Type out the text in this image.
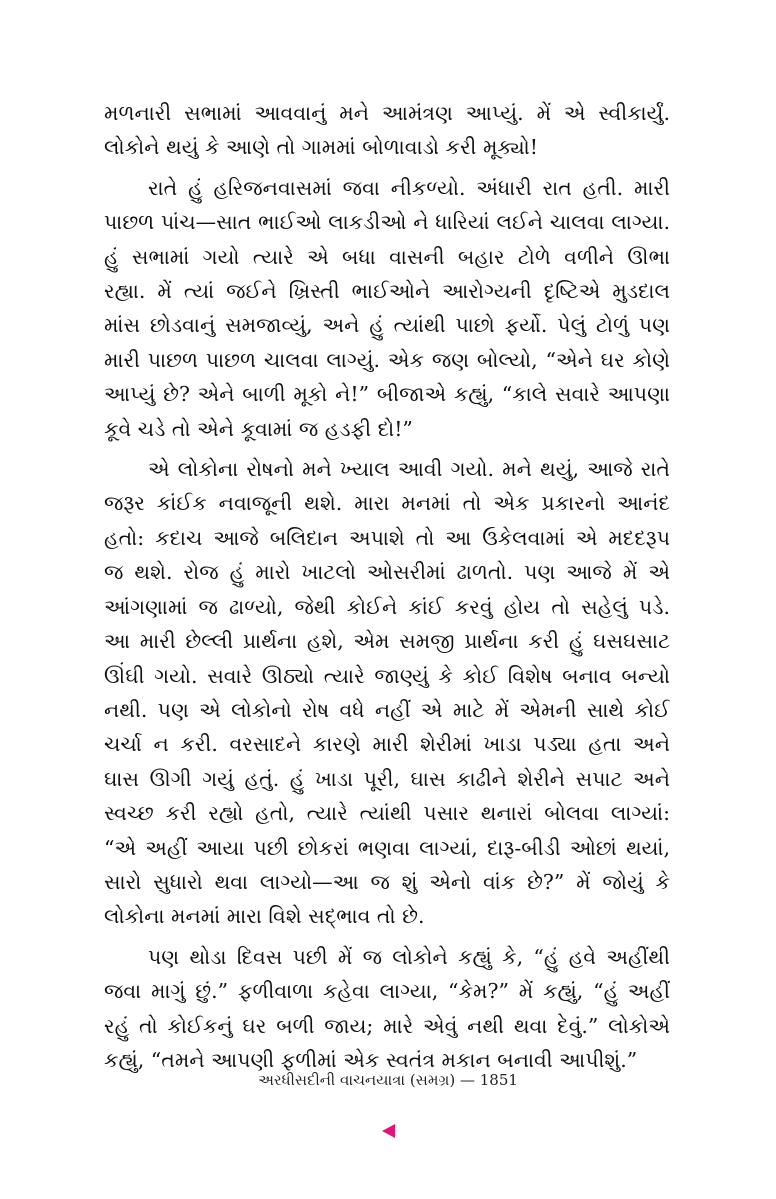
મળનારી સભામાં આવવાનું મને આમંત્રણ આપ્યું. મેં એ સ્વીકાર્યું.
લોકોને થયું કે આણે તો ગામમાં બોળાવાડો કરી મૂક્યો!
રાતે હું હરિજનવાસમાં જવા નીકળ્યો. અંધારી રાત હતી. મારી
પાછળ પાંચ—સાત ભાઈઓ લાકડીઓ ને ધારિયાં લઈને ચાલવા લાગ્યા.
હું સભામાં ગયો ત્યારે એ બધા વાસની બહાર ટોળે વળીને ઊભા
રહ્યા. મેં ત્યાં જઈને ખ્રિસ્તી ભાઈઓને આરોગ્યની દૃષ્ટિએ મુડદાલ
માંસ છોડવાનું સમજાવ્યું, અને હું ત્યાંથી પાછો ફર્યો. પેલું ટોળું પણ
મારી પાછળ પાછળ ચાલવા લાગ્યું. એક જણ બોલ્યો, “એને ઘર કોણે
આપ્યું છે? એને બાળી મૂકો ને!” બીજાએ કહ્યું, “કાલે સવારે આપણા
કૂવે ચડે તો એને કૂવામાં જ હડફી દો!”
એ લોકોના રોષનો મને ખ્યાલ આવી ગયો. મને થયું, આજે રાતે
જરૂર કાંઈક નવાજૂની થશે. મારા મનમાં તો એક પ્રકારનો આનંદ
હતો: કદાચ આજે બલિદાન અપાશે તો આ ઉકેલવામાં એ મદદરૂપ
જ થશે. રોજ હું મારો ખાટલો ઓસરીમાં ઢાળતો. પણ આજે મેં એ
આંગણામાં જ ઢાળ્યો, જેથી કોઈને કાંઈ કરવું હોય તો સહેલું પડે.
આ મારી છેલ્લી પ્રાર્થના હશે, એમ સમજી પ્રાર્થના કરી હું ઘસઘસાટ
ઊંઘી ગયો. સવારે ઊઠ્યો ત્યારે જાણ્યું કે કોઈ વિશેષ બનાવ બન્યો
નથી. પણ એ લોકોનો રોષ વધે નહીં એ માટે મેં એમની સાથે કોઈ
ચર્ચા ન કરી. વરસાદને કારણે મારી શેરીમાં ખાડા પડ્યા હતા અને
ઘાસ ઊગી ગયું હતું. હું ખાડા પૂરી, ઘાસ કાઢીને શેરીને સપાટ અને
સ્વચ્છ કરી રહ્યો હતો, ત્યારે ત્યાંથી પસાર થનારાં બોલવા લાગ્યાં:
“એ અહીં આયા પછી છોકરાં ભણવા લાગ્યાં, દારૂ-બીડી ઓછાં થયાં,
સારો સુધારો થવા લાગ્યો—આ જ શું એનો વાંક છે?” મેં જોયું કે
લોકોના મનમાં મારા વિશે સદ્ભાવ તો છે.
પણ થોડા દિવસ પછી મેં જ લોકોને કહ્યું કે, “હું હવે અહીંથી
જવા માગું છું.” ફળીવાળા કહેવા લાગ્યા, “કેમ?” મેં કહ્યું, “હું અહીં
રહું તો કોઈકનું ઘર બળી જાય; મારે એવું નથી થવા દેવું.” લોકોએ
કહ્યું, “તમને આપણી ફળીમાં એક સ્વતંત્ર મકાન બનાવી આપીશું.”
અરધીસદીની વાચનયાત્રા (સમગ્ર) — 1851
